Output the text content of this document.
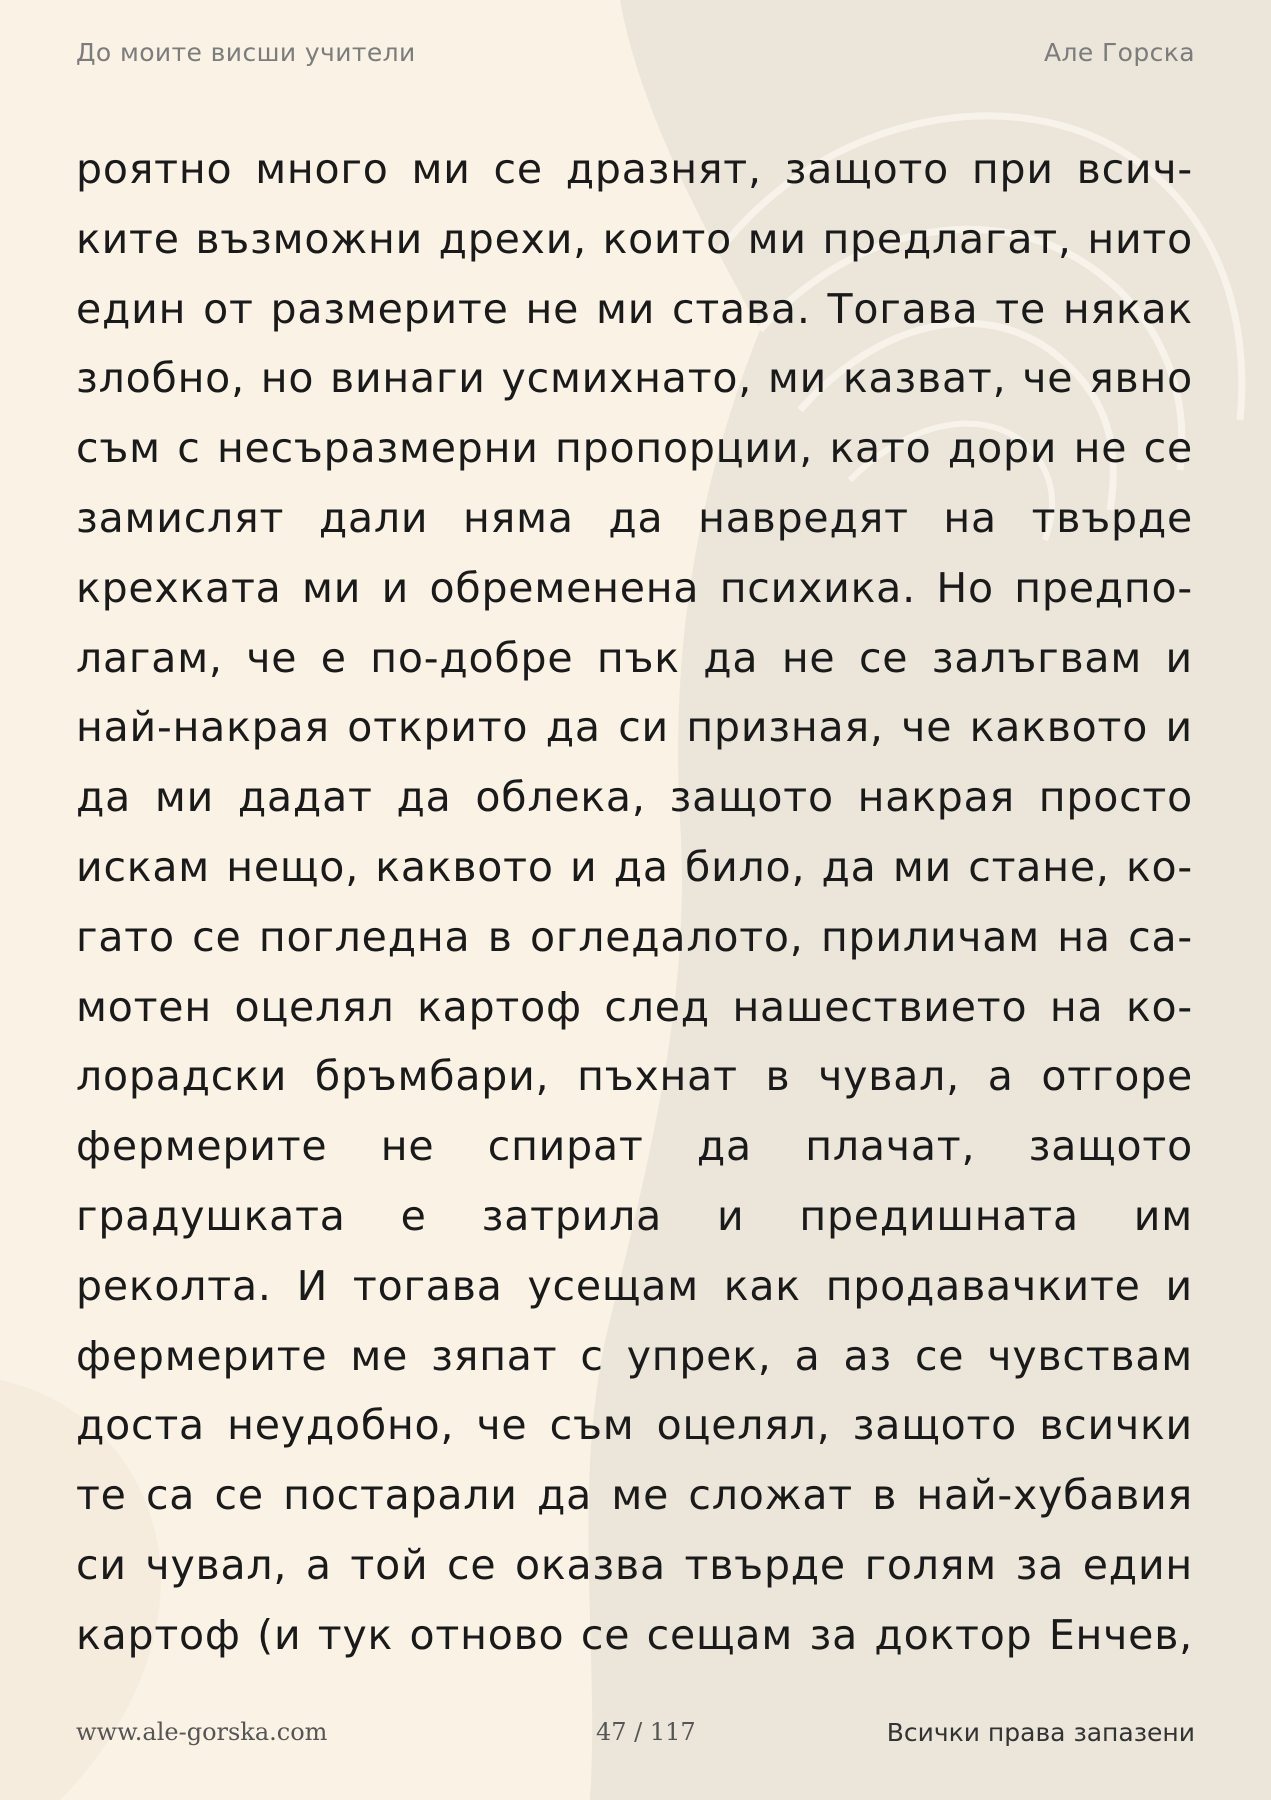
До моите висши учители	Але Горска
роятно много ми се дразнят, защото при всич-
ките възможни дрехи, които ми предлагат, нито
един от размерите не ми става. Тогава те някак
злобно, но винаги усмихнато, ми казват, че явно
съм с несъразмерни пропорции, като дори не се
замислят дали няма да навредят на твърде
крехката ми и обременена психика. Но предпо-
лагам, че е по-добре пък да не се залъгвам и
най-накрая открито да си призная, че каквото и
да ми дадат да облека, защото накрая просто
искам нещо, каквото и да било, да ми стане, ко-
гато се погледна в огледалото, приличам на са-
мотен оцелял картоф след нашествието на ко-
лорадски бръмбари, пъхнат в чувал, а отгоре
фермерите не спират да плачат, защото
градушката е затрила и предишната им
реколта. И тогава усещам как продавачките и
фермерите ме зяпат с упрек, а аз се чувствам
доста неудобно, че съм оцелял, защото всички
те са се постарали да ме сложат в най-хубавия
си чувал, а той се оказва твърде голям за един
картоф (и тук отново се сещам за доктор Енчев,
www.ale-gorska.com	47 / 117	Всички права запазени
